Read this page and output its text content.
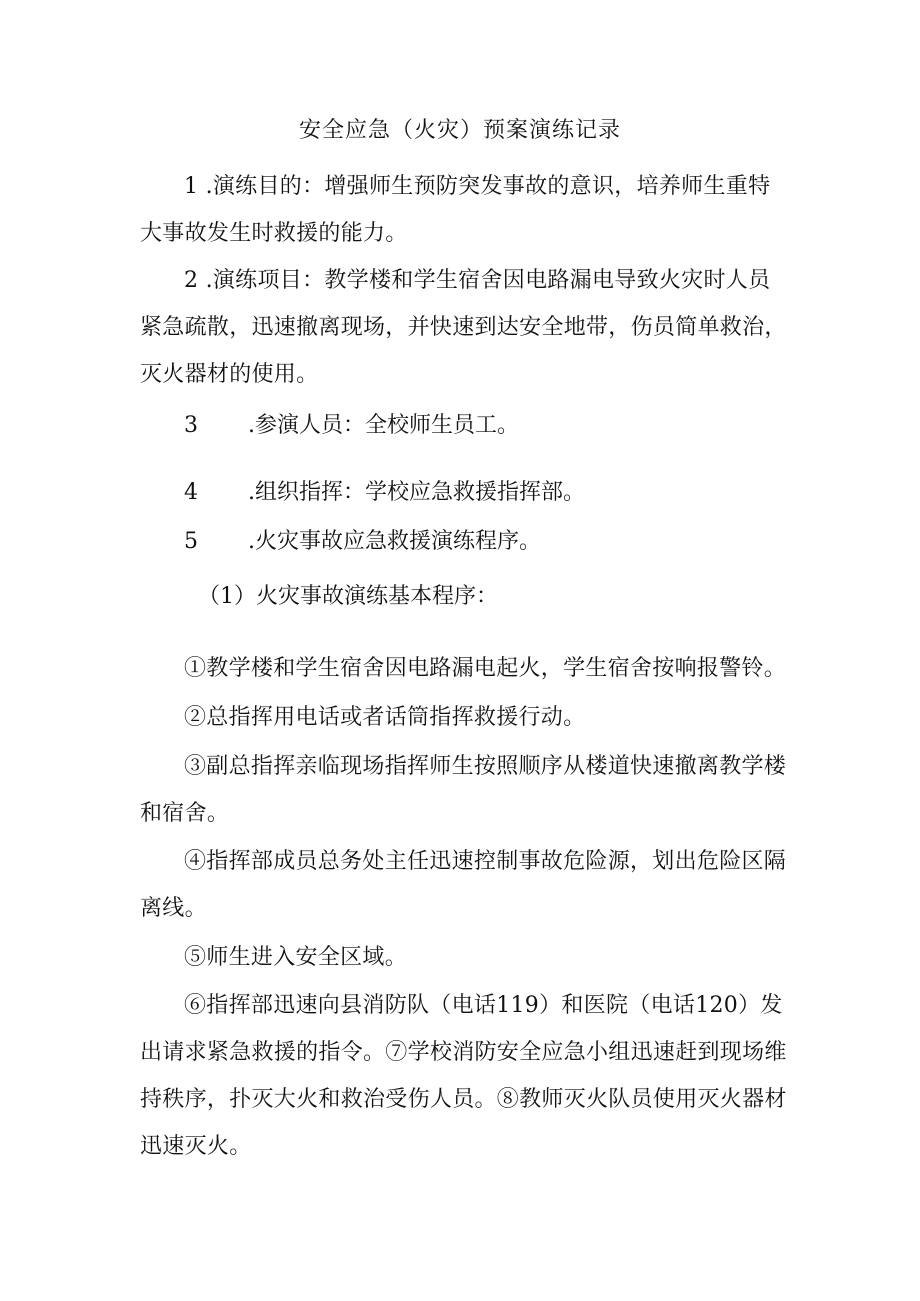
安全应急（火灾）预案演练记录
1 .演练目的：增强师生预防突发事故的意识，培养师生重特大事故发生时救援的能力。
2 .演练项目：教学楼和学生宿舍因电路漏电导致火灾时人员紧急疏散，迅速撤离现场，并快速到达安全地带，伤员简单救治，灭火器材的使用。
3 .参演人员：全校师生员工。
4 .组织指挥：学校应急救援指挥部。
5 .火灾事故应急救援演练程序。
（1）火灾事故演练基本程序：
①教学楼和学生宿舍因电路漏电起火，学生宿舍按响报警铃。
②总指挥用电话或者话筒指挥救援行动。
③副总指挥亲临现场指挥师生按照顺序从楼道快速撤离教学楼和宿舍。
④指挥部成员总务处主任迅速控制事故危险源，划出危险区隔离线。
⑤师生进入安全区域。
⑥指挥部迅速向县消防队（电话119）和医院（电话120）发出请求紧急救援的指令。⑦学校消防安全应急小组迅速赶到现场维持秩序，扑灭大火和救治受伤人员。⑧教师灭火队员使用灭火器材迅速灭火。
